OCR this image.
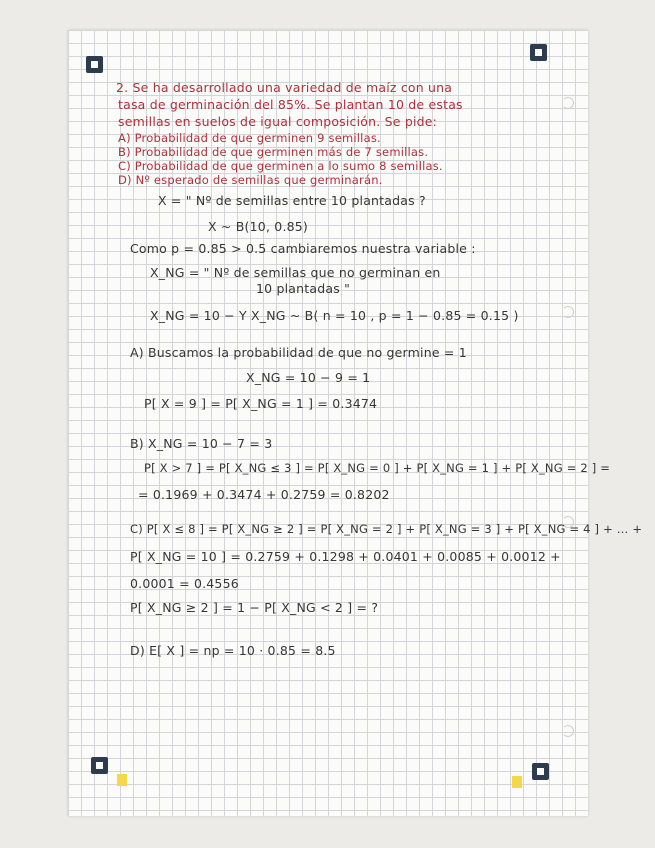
2. Se ha desarrollado una variedad de maíz con una

tasa de germinación del 85%. Se plantan 10 de estas

semillas en suelos de igual composición. Se pide:

A) Probabilidad de que germinen 9 semillas.

B) Probabilidad de que germinen más de 7 semillas.

C) Probabilidad de que germinen a lo sumo 8 semillas.

D) Nº esperado de semillas que germinarán.

X = " Nº de semillas entre 10 plantadas ?

X ~ B(10, 0.85)

Como p = 0.85 > 0.5 cambiaremos nuestra variable :

X_NG = " Nº de semillas que no germinan en

10 plantadas "

X_NG = 10 − Y X_NG ~ B( n = 10 , p = 1 − 0.85 = 0.15 )

A) Buscamos la probabilidad de que no germine = 1

X_NG = 10 − 9 = 1

P[ X = 9 ] = P[ X_NG = 1 ] = 0.3474

B) X_NG = 10 − 7 = 3

P[ X > 7 ] = P[ X_NG ≤ 3 ] = P[ X_NG = 0 ] + P[ X_NG = 1 ] + P[ X_NG = 2 ] =

= 0.1969 + 0.3474 + 0.2759 = 0.8202

C) P[ X ≤ 8 ] = P[ X_NG ≥ 2 ] = P[ X_NG = 2 ] + P[ X_NG = 3 ] + P[ X_NG = 4 ] + … +

P[ X_NG = 10 ] = 0.2759 + 0.1298 + 0.0401 + 0.0085 + 0.0012 +

0.0001 = 0.4556

P[ X_NG ≥ 2 ] = 1 − P[ X_NG < 2 ] = ?

D) E[ X ] = np = 10 · 0.85 = 8.5
